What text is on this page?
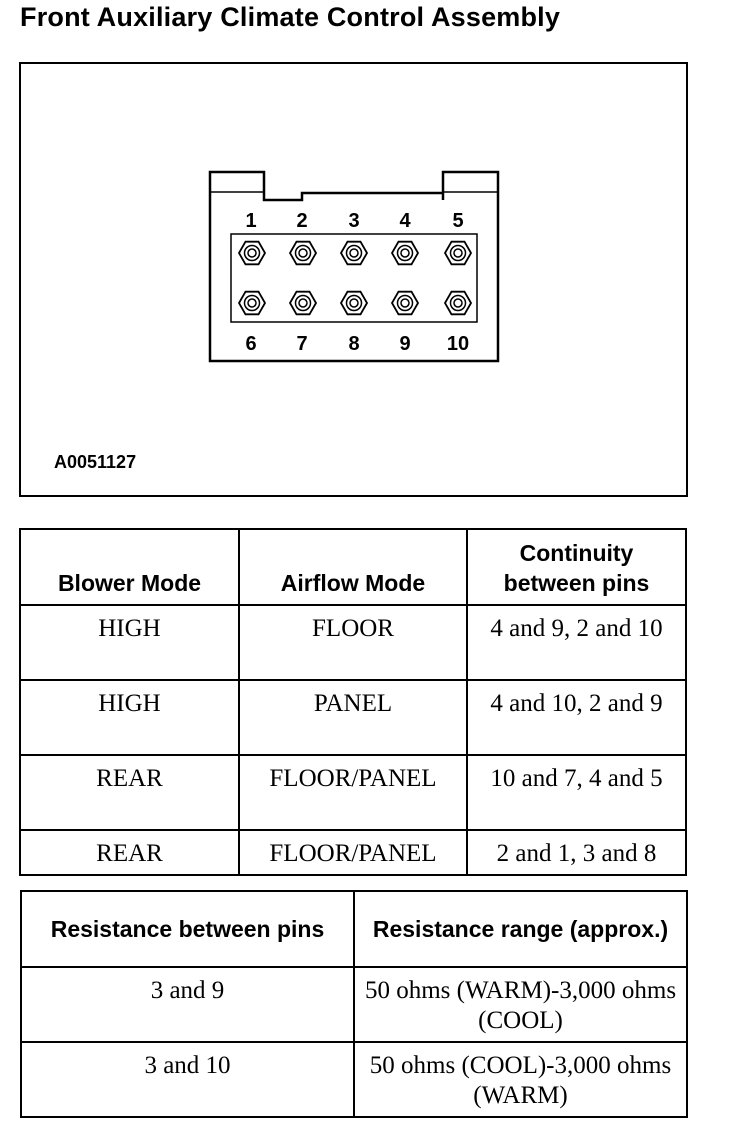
Front Auxiliary Climate Control Assembly
1 2 3 4 5
6 7 8 9 10
A0051127
Blower Mode	Airflow Mode	Continuity between pins
HIGH	FLOOR	4 and 9, 2 and 10
HIGH	PANEL	4 and 10, 2 and 9
REAR	FLOOR/PANEL	10 and 7, 4 and 5
REAR	FLOOR/PANEL	2 and 1, 3 and 8
Resistance between pins	Resistance range (approx.)
3 and 9	50 ohms (WARM)-3,000 ohms (COOL)
3 and 10	50 ohms (COOL)-3,000 ohms (WARM)
